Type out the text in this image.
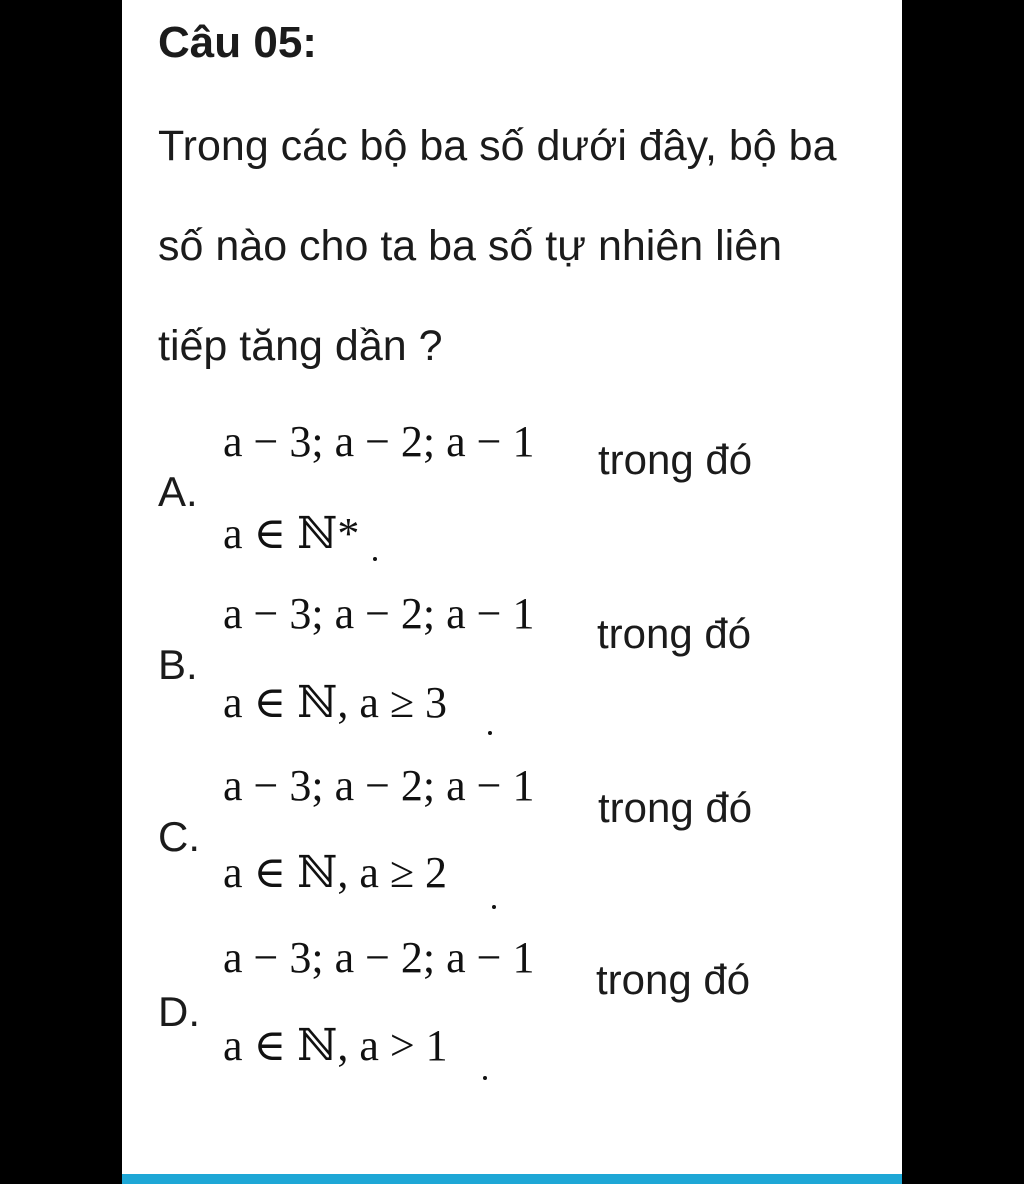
Câu 05:
Trong các bộ ba số dưới đây, bộ ba
số nào cho ta ba số tự nhiên liên
tiếp tăng dần ?
A.
a − 3; a − 2; a − 1 trong đó
a ∈ ℕ*
B.
a − 3; a − 2; a − 1 trong đó
a ∈ ℕ, a ≥ 3
C.
a − 3; a − 2; a − 1 trong đó
a ∈ ℕ, a ≥ 2
D.
a − 3; a − 2; a − 1 trong đó
a ∈ ℕ, a > 1
